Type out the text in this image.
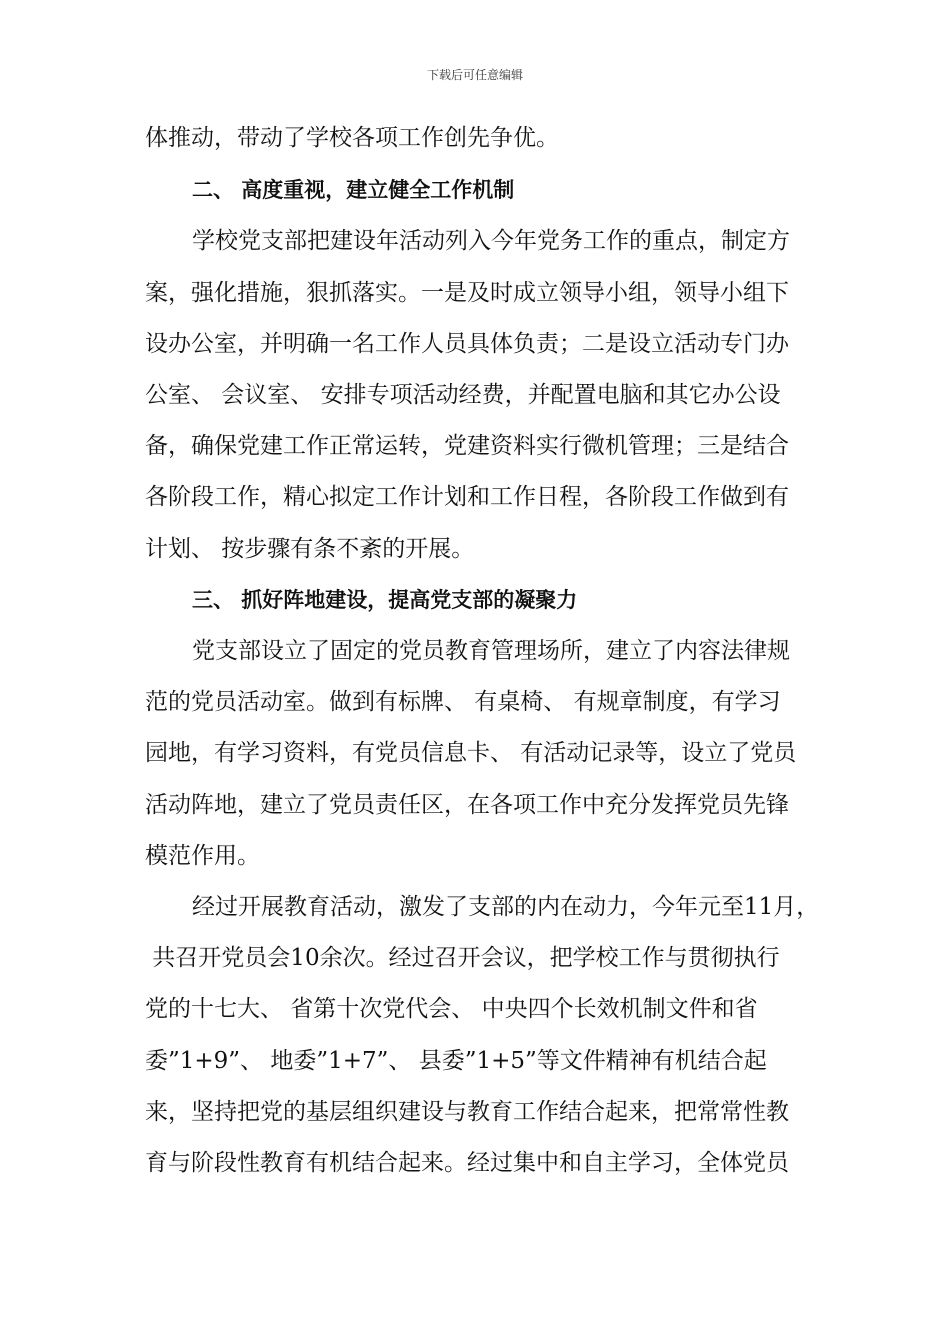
下载后可任意编辑
体推动，带动了学校各项工作创先争优。
二、 高度重视，建立健全工作机制
学校党支部把建设年活动列入今年党务工作的重点，制定方
案，强化措施，狠抓落实。一是及时成立领导小组，领导小组下
设办公室，并明确一名工作人员具体负责；二是设立活动专门办
公室、 会议室、 安排专项活动经费，并配置电脑和其它办公设
备，确保党建工作正常运转，党建资料实行微机管理；三是结合
各阶段工作，精心拟定工作计划和工作日程，各阶段工作做到有
计划、 按步骤有条不紊的开展。
三、 抓好阵地建设，提高党支部的凝聚力
党支部设立了固定的党员教育管理场所，建立了内容法律规
范的党员活动室。做到有标牌、 有桌椅、 有规章制度，有学习
园地，有学习资料，有党员信息卡、 有活动记录等，设立了党员
活动阵地，建立了党员责任区，在各项工作中充分发挥党员先锋
模范作用。
经过开展教育活动，激发了支部的内在动力，今年元至11月，
共召开党员会10余次。经过召开会议，把学校工作与贯彻执行
党的十七大、 省第十次党代会、 中央四个长效机制文件和省
委”1+9”、 地委”1+7”、 县委”1+5”等文件精神有机结合起
来，坚持把党的基层组织建设与教育工作结合起来，把常常性教
育与阶段性教育有机结合起来。经过集中和自主学习，全体党员
